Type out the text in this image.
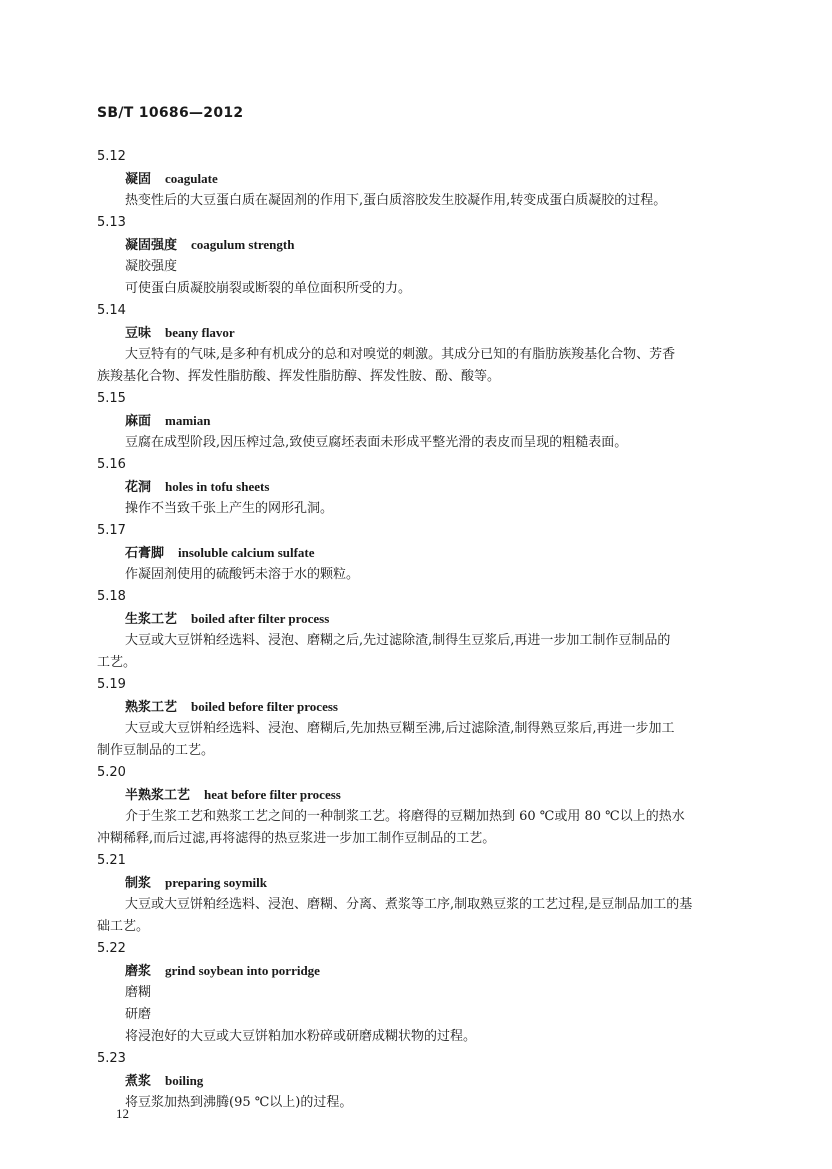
SB/T 10686—2012
5.12
凝固 coagulate
热变性后的大豆蛋白质在凝固剂的作用下,蛋白质溶胶发生胶凝作用,转变成蛋白质凝胶的过程。
5.13
凝固强度 coagulum strength
凝胶强度
可使蛋白质凝胶崩裂或断裂的单位面积所受的力。
5.14
豆味 beany flavor
大豆特有的气味,是多种有机成分的总和对嗅觉的刺激。其成分已知的有脂肪族羧基化合物、芳香
族羧基化合物、挥发性脂肪酸、挥发性脂肪醇、挥发性胺、酚、酸等。
5.15
麻面 mamian
豆腐在成型阶段,因压榨过急,致使豆腐坯表面未形成平整光滑的表皮而呈现的粗糙表面。
5.16
花洞 holes in tofu sheets
操作不当致千张上产生的网形孔洞。
5.17
石膏脚 insoluble calcium sulfate
作凝固剂使用的硫酸钙未溶于水的颗粒。
5.18
生浆工艺 boiled after filter process
大豆或大豆饼粕经选料、浸泡、磨糊之后,先过滤除渣,制得生豆浆后,再进一步加工制作豆制品的
工艺。
5.19
熟浆工艺 boiled before filter process
大豆或大豆饼粕经选料、浸泡、磨糊后,先加热豆糊至沸,后过滤除渣,制得熟豆浆后,再进一步加工
制作豆制品的工艺。
5.20
半熟浆工艺 heat before filter process
介于生浆工艺和熟浆工艺之间的一种制浆工艺。将磨得的豆糊加热到 60 ℃或用 80 ℃以上的热水
冲糊稀释,而后过滤,再将滤得的热豆浆进一步加工制作豆制品的工艺。
5.21
制浆 preparing soymilk
大豆或大豆饼粕经选料、浸泡、磨糊、分离、煮浆等工序,制取熟豆浆的工艺过程,是豆制品加工的基
础工艺。
5.22
磨浆 grind soybean into porridge
磨糊
研磨
将浸泡好的大豆或大豆饼粕加水粉碎或研磨成糊状物的过程。
5.23
煮浆 boiling
将豆浆加热到沸腾(95 ℃以上)的过程。
12
